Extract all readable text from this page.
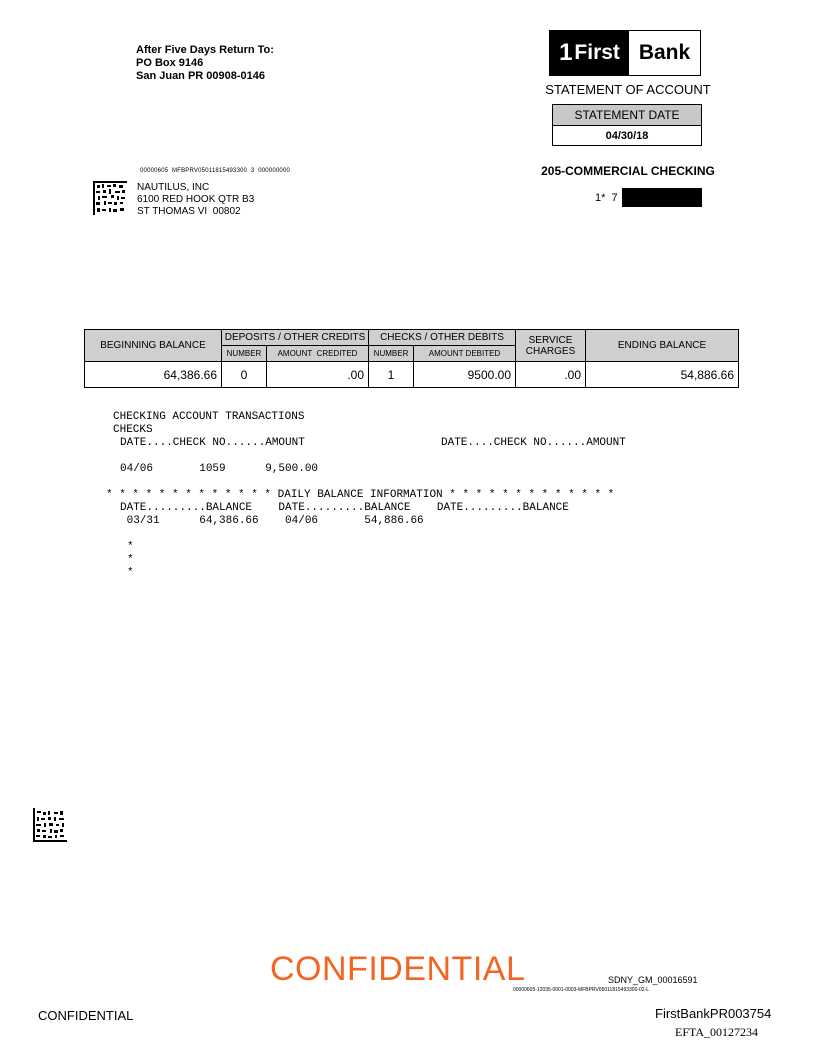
After Five Days Return To:
PO Box 9146
San Juan PR 00908-0146
1 First Bank
STATEMENT OF ACCOUNT
STATEMENT DATE
04/30/18
205-COMMERCIAL CHECKING
1*  7
00000605  MFBPRV05011815493300  3  000000000
NAUTILUS, INC
6100 RED HOOK QTR B3
ST THOMAS VI  00802
BEGINNING BALANCE	DEPOSITS / OTHER CREDITS		CHECKS / OTHER DEBITS		SERVICE
CHARGES	ENDING BALANCE
	NUMBER	AMOUNT  CREDITED	NUMBER	AMOUNT DEBITED		
64,386.66	0	.00	1	9500.00	.00	54,886.66
CHECKING ACCOUNT TRANSACTIONS
CHECKS
DATE....CHECK NO......AMOUNT	DATE....CHECK NO......AMOUNT
04/06       1059      9,500.00
* * * * * * * * * * * * * DAILY BALANCE INFORMATION * * * * * * * * * * * * *
DATE.........BALANCE    DATE.........BALANCE    DATE.........BALANCE
03/31      64,386.66    04/06       54,886.66
*
*
*
CONFIDENTIAL	SDNY_GM_00016591
00000605-12035-0001-0003-MFBPRV05011815493300-02-L
CONFIDENTIAL	FirstBankPR003754
EFTA_00127234
